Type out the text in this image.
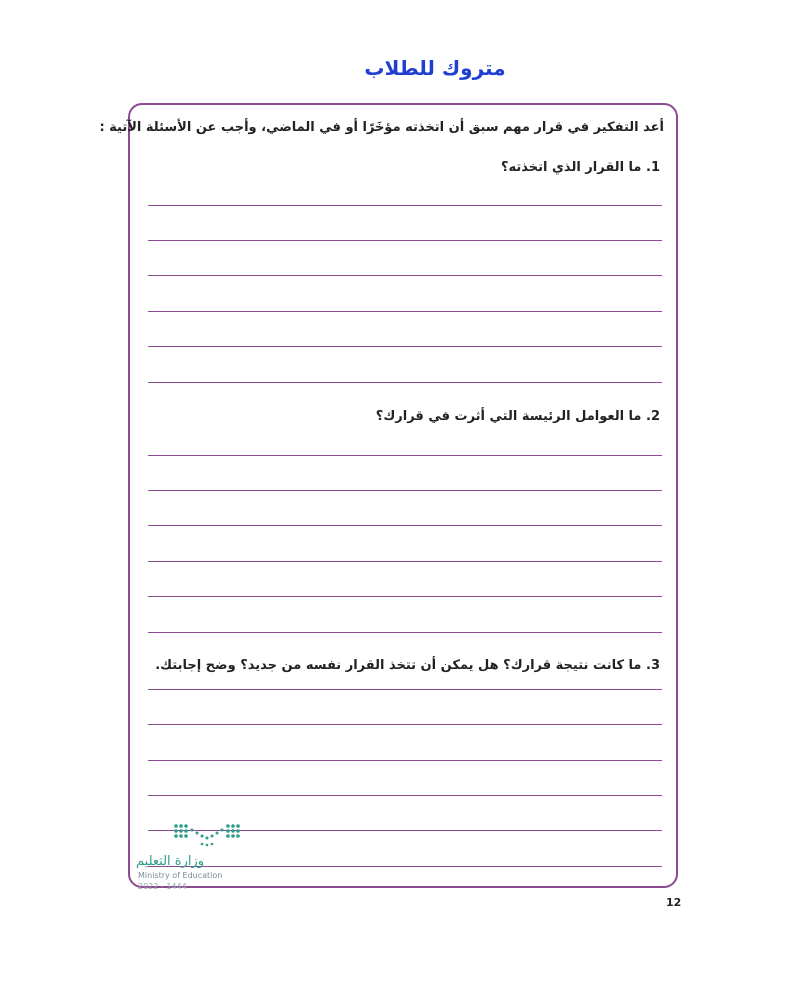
متروك للطلاب
أعد التفكير في قرار مهم سبق أن اتخذته مؤخَرًا أو في الماضي، وأجب عن الأسئلة الآتية :
1. ما القرار الذي اتخذته؟
2. ما العوامل الرئيسة التي أثرت في قرارك؟
3. ما كانت نتيجة قرارك؟ هل يمكن أن تتخذ القرار نفسه من جديد؟ وضح إجابتك.
وزارة التعليم
Ministry of Education
2022 - 1444
12
